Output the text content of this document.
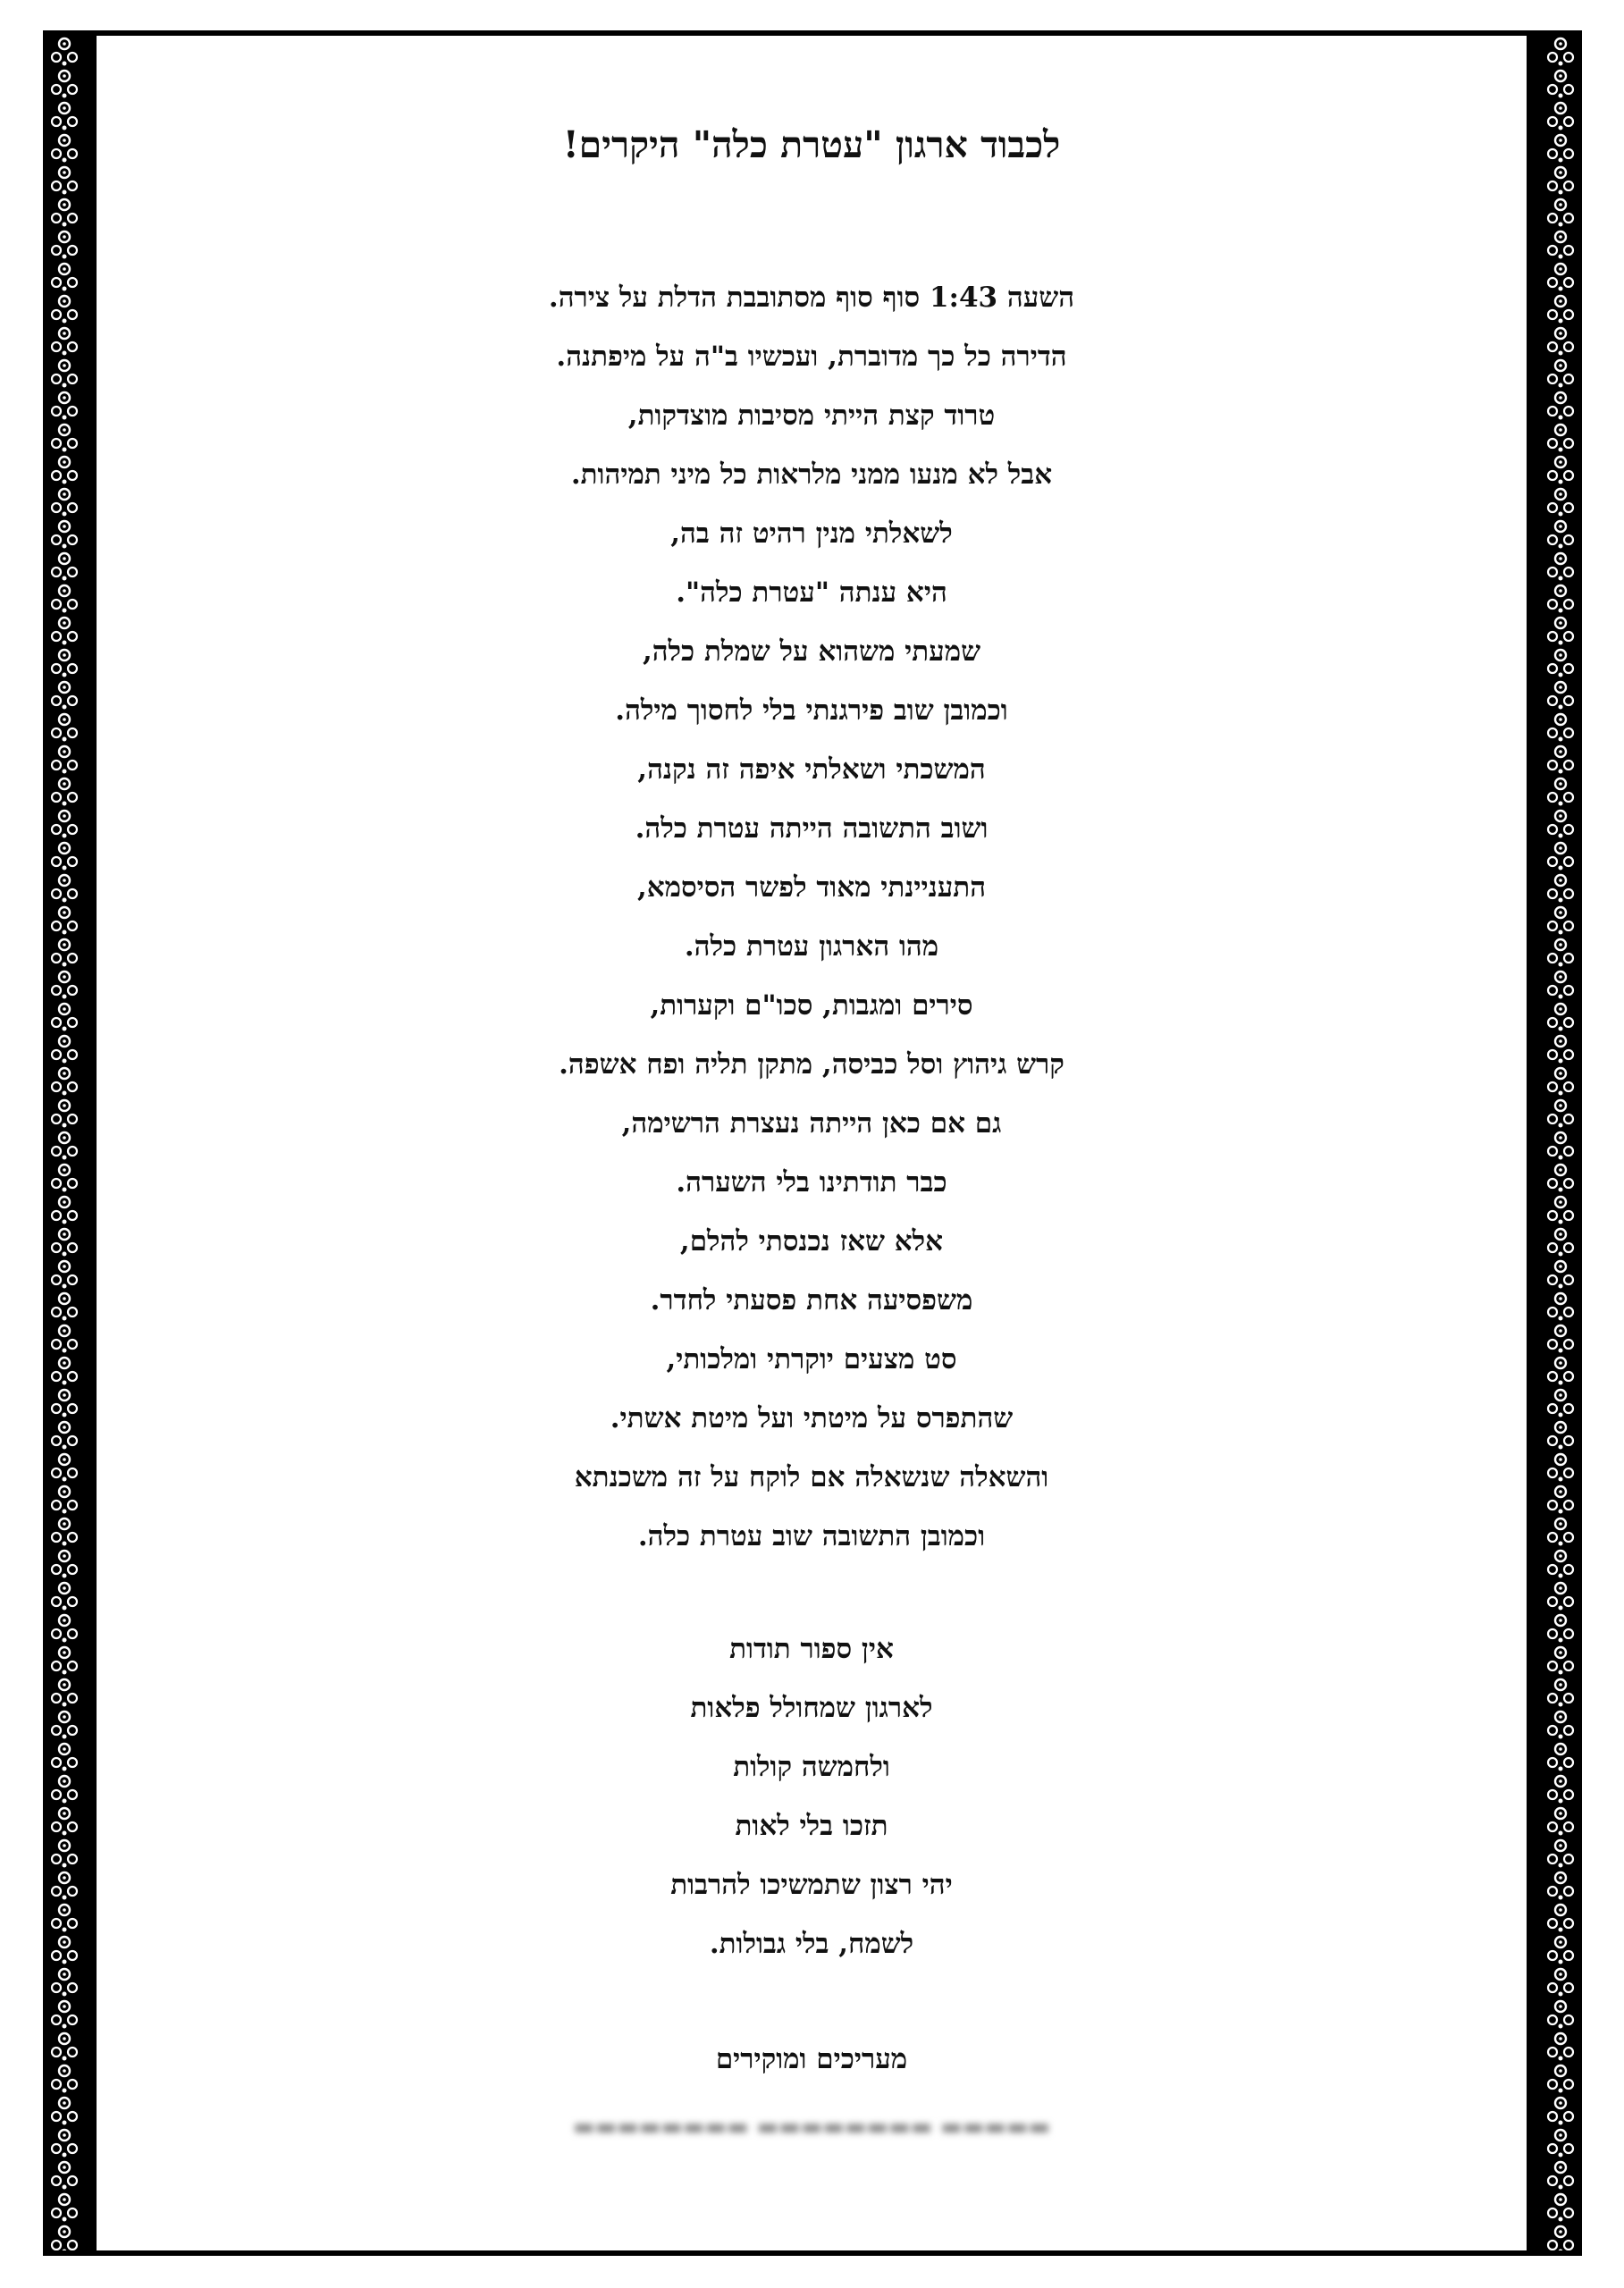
לכבוד ארגון "עטרת כלה" היקרים!
השעה 1:43 סוף סוף מסתובבת הדלת על צירה.
הדירה כל כך מדוברת, ועכשיו ב"ה על מיפתנה.
טרוד קצת הייתי מסיבות מוצדקות,
אבל לא מנעו ממני מלראות כל מיני תמיהות.
לשאלתי מנין רהיט זה בה,
היא ענתה "עטרת כלה".
שמעתי משהוא על שמלת כלה,
וכמובן שוב פירגנתי בלי לחסוך מילה.
המשכתי ושאלתי איפה זה נקנה,
ושוב התשובה הייתה עטרת כלה.
התעניינתי מאוד לפשר הסיסמא,
מהו הארגון עטרת כלה.
סירים ומגבות, סכו"ם וקערות,
קרש גיהוץ וסל כביסה, מתקן תליה ופח אשפה.
גם אם כאן הייתה נעצרת הרשימה,
כבר תודתינו בלי השערה.
אלא שאז נכנסתי להלם,
משפסיעה אחת פסעתי לחדר.
סט מצעים יוקרתי ומלכותי,
שהתפרס על מיטתי ועל מיטת אשתי.
והשאלה שנשאלה אם לוקח על זה משכנתא
וכמובן התשובה שוב עטרת כלה.
אין ספור תודות
לארגון שמחולל פלאות
ולחמשה קולות
תזכו בלי לאות
יהי רצון שתמשיכו להרבות
לשמח, בלי גבולות.
מעריכים ומוקירים
▬▬▬▬▬ ▬▬▬▬▬▬▬▬ ▬▬▬▬▬▬▬▬
